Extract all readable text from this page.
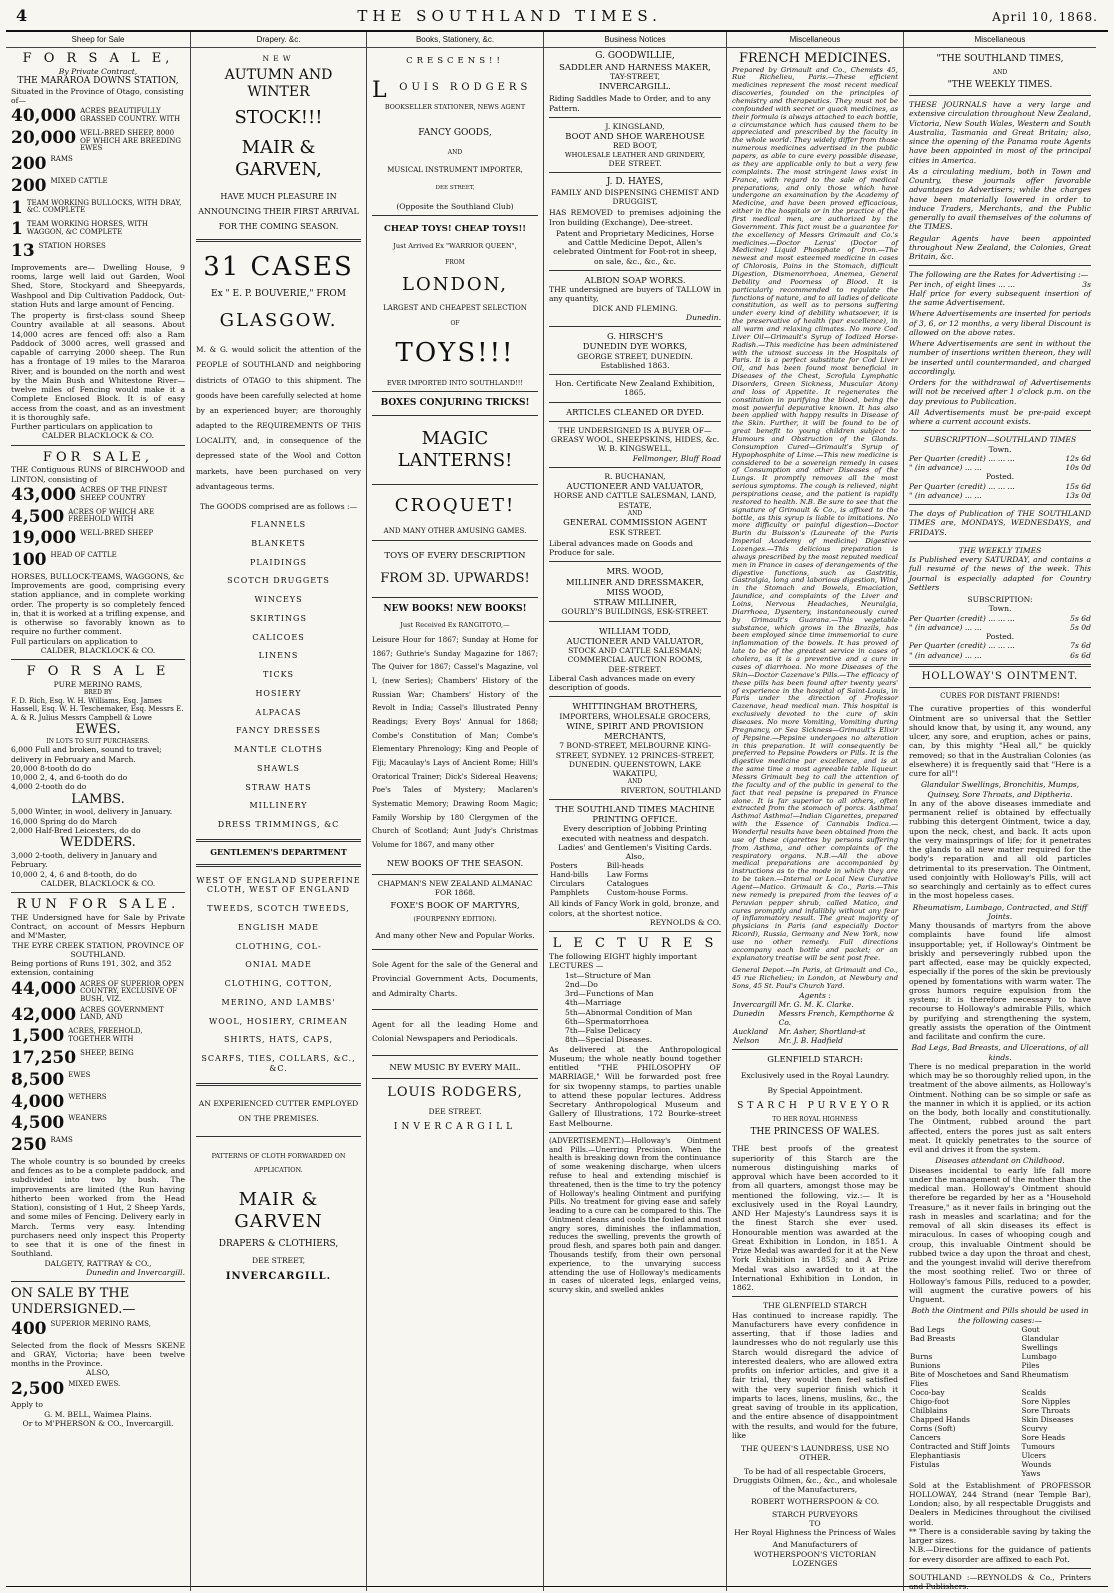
4	THE SOUTHLAND TIMES.	April 10, 1868.
Sheep for Sale
F O R S A L E,
By Private Contract,
THE MARAROA DOWNS STATION,
Situated in the Province of Otago, consisting of—
40,000 ACRES BEAUTIFULLY GRASSED COUNTRY. WITH
20,000 WELL-BRED SHEEP, 8000 OF WHICH ARE BREEDING EWES
200 RAMS
200 MIXED CATTLE
1 TEAM WORKING BULLOCKS, WITH DRAY, &C. COMPLETE
1 TEAM WORKING HORSES, WITH WAGGON, &C COMPLETE
13 STATION HORSES
Improvements are— Dwelling House, 9 rooms, large well laid out Garden, Wool Shed, Store, Stockyard and Sheepyards, Washpool and Dip Cultivation Paddock, Out-station Huts and large amount of Fencing.
The property is first-class sound Sheep Country available at all seasons. About 14,000 acres are fenced off: also a Ram Paddock of 3000 acres, well grassed and capable of carrying 2000 sheep. The Run has a frontage of 19 miles to the Mararoa River, and is bounded on the north and west by the Main Bush and Whitestone River—twelve miles of Fencing would make it a Complete Enclosed Block. It is of easy access from the coast, and as an investment it is thoroughly safe.
Further particulars on application to
CALDER BLACKLOCK & CO.
FOR SALE,
THE Contiguous RUNS of BIRCHWOOD and LINTON, consisting of
43,000 ACRES OF THE FINEST SHEEP COUNTRY
4,500 ACRES OF WHICH ARE FREEHOLD WITH
19,000 WELL-BRED SHEEP
100 HEAD OF CATTLE
HORSES, BULLOCK-TEAMS, WAGGONS, &c
Improvements are good, comprising every station appliance, and in complete working order. The property is so completely fenced in, that it is worked at a trifling expense, and is otherwise so favorably known as to require no further comment.
Full particulars on application to
CALDER, BLACKLOCK & CO.
F O R S A L E
PURE MERINO RAMS,
BRED BY
F. D. Rich, Esq. W. H. Williams, Esq. James Hassell, Esq. W. H. Teschemaker, Esq. Messrs E. A. & R. Julius Messrs Campbell & Lowe
EWES.
IN LOTS TO SUIT PURCHASERS.
6,000 Full and broken, sound to travel; delivery in February and March.
20,000 8-tooth do do
10,000 2, 4, and 6-tooth do do
4,000 2-tooth do do
LAMBS.
5,000 Winter, in wool, delivery in January.
16,000 Spring do do March
2,000 Half-Bred Leicesters, do do
WEDDERS.
3,000 2-tooth, delivery in January and February.
10,000 2, 4, 6 and 8-tooth, do do
CALDER, BLACKLOCK & CO.
RUN FOR SALE.
THE Undersigned have for Sale by Private Contract, on account of Messrs Hepburn and M'Master,
THE EYRE CREEK STATION, PROVINCE OF SOUTHLAND.
Being portions of Runs 191, 302, and 352 extension, containing
44,000 ACRES OF SUPERIOR OPEN COUNTRY, EXCLUSIVE OF BUSH, VIZ.
42,000 ACRES GOVERNMENT LAND, AND
1,500 ACRES, FREEHOLD, TOGETHER WITH
17,250 SHEEP, BEING
8,500 EWES
4,000 WETHERS
4,500 WEANERS
250 RAMS
The whole country is so bounded by creeks and fences as to be a complete paddock, and subdivided into two by bush. The improvements are limited (the Run having hitherto been worked from the Head Station), consisting of 1 Hut, 2 Sheep Yards, and some miles of Fencing. Delivery early in March. Terms very easy. Intending purchasers need only inspect this Property to see that it is one of the finest in Southland.
DALGETY, RATTRAY & CO.,
Dunedin and Invercargill.
ON SALE BY THE UNDERSIGNED.—
400 SUPERIOR MERINO RAMS,
Selected from the flock of Messrs SKENE and GRAY, Victoria; have been twelve months in the Province.
ALSO,
2,500 MIXED EWES.
Apply to
G. M. BELL, Waimea Plains.
Or to M'PHERSON & CO., Invercargill.
Drapery. &c.
NEW
AUTUMN AND WINTER
STOCK!!!
MAIR & GARVEN,
HAVE MUCH PLEASURE IN ANNOUNCING THEIR FIRST ARRIVAL FOR THE COMING SEASON.
31 CASES
Ex " E. P. BOUVERIE," FROM
GLASGOW.
M. & G. would solicit the attention of the PEOPLE of SOUTHLAND and neighboring districts of OTAGO to this shipment. The goods have been carefully selected at home by an experienced buyer; are thoroughly adapted to the REQUIREMENTS OF THIS LOCALITY, and, in consequence of the depressed state of the Wool and Cotton markets, have been purchased on very advantageous terms.
The GOODS comprised are as follows :—
FLANNELS
BLANKETS
PLAIDINGS
SCOTCH DRUGGETS
WINCEYS
SKIRTINGS
CALICOES
LINENS
TICKS
HOSIERY
ALPACAS
FANCY DRESSES
MANTLE CLOTHS
SHAWLS
STRAW HATS
MILLINERY
DRESS TRIMMINGS, &C
GENTLEMEN'S DEPARTMENT
WEST OF ENGLAND SUPERFINE CLOTH, WEST OF ENGLAND
TWEEDS, SCOTCH TWEEDS,
ENGLISH MADE
CLOTHING, COL-
ONIAL MADE
CLOTHING, COTTON,
MERINO, AND LAMBS'
WOOL, HOSIERY, CRIMEAN
SHIRTS, HATS, CAPS,
SCARFS, TIES, COLLARS, &C., &C.
AN EXPERIENCED CUTTER EMPLOYED ON THE PREMISES.
PATTERNS OF CLOTH FORWARDED ON APPLICATION.
MAIR & GARVEN
DRAPERS & CLOTHIERS,
DEE STREET,
INVERCARGILL.
Books, Stationery, &c.
CRESCENS!!
LOUIS RODGERS
BOOKSELLER STATIONER, NEWS AGENT
FANCY GOODS,
AND
MUSICAL INSTRUMENT IMPORTER,
DEE STREET,
(Opposite the Southland Club)
CHEAP TOYS! CHEAP TOYS!!
Just Arrived Ex "WARRIOR QUEEN",
FROM
LONDON,
LARGEST AND CHEAPEST SELECTION
OF
TOYS!!!
EVER IMPORTED INTO SOUTHLAND!!!
BOXES CONJURING TRICKS!
MAGIC LANTERNS!
CROQUET!
AND MANY OTHER AMUSING GAMES.
TOYS OF EVERY DESCRIPTION
FROM 3D. UPWARDS!
NEW BOOKS! NEW BOOKS!
Just Received Ex RANGITOTO,—
Leisure Hour for 1867; Sunday at Home for 1867; Guthrie's Sunday Magazine for 1867; The Quiver for 1867; Cassel's Magazine, vol I, (new Series); Chambers' History of the Russian War; Chambers' History of the Revolt in India; Cassel's Illustrated Penny Readings; Every Boys' Annual for 1868; Combe's Constitution of Man; Combe's Elementary Phrenology; King and People of Fiji; Macaulay's Lays of Ancient Rome; Hill's Oratorical Trainer; Dick's Sidereal Heavens; Poe's Tales of Mystery; Maclaren's Systematic Memory; Drawing Room Magic; Family Worship by 180 Clergymen of the Church of Scotland; Aunt Judy's Christmas Volume for 1867, and many other
NEW BOOKS OF THE SEASON.
CHAPMAN'S NEW ZEALAND ALMANAC FOR 1868.
FOXE'S BOOK OF MARTYRS,
(FOURPENNY EDITION).
And many other New and Popular Works.
Sole Agent for the sale of the General and Provincial Government Acts, Documents, and Admiralty Charts.
Agent for all the leading Home and Colonial Newspapers and Periodicals.
NEW MUSIC BY EVERY MAIL.
LOUIS RODGERS,
DEE STREET.
INVERCARGILL
Business Notices
G. GOODWILLIE,
SADDLER AND HARNESS MAKER,
TAY-STREET,
INVERCARGILL.
Riding Saddles Made to Order, and to any Pattern.
J. KINGSLAND,
BOOT AND SHOE WAREHOUSE
RED BOOT,
WHOLESALE LEATHER AND GRINDERY,
DEE STREET.
J. D. HAYES,
FAMILY AND DISPENSING CHEMIST AND DRUGGIST,
HAS REMOVED to premises adjoining the Iron building (Exchange), Dee-street.
Patent and Proprietary Medicines, Horse and Cattle Medicine Depot, Allen's celebrated Ointment for Foot-rot in sheep, on sale, &c., &c., &c.
ALBION SOAP WORKS.
THE undersigned are buyers of TALLOW in any quantity,
DICK AND FLEMING.
Dunedin.
G. HIRSCH'S
DUNEDIN DYE WORKS,
GEORGE STREET, DUNEDIN.
Established 1863.
Hon. Certificate New Zealand Exhibition, 1865.
ARTICLES CLEANED OR DYED.
THE UNDERSIGNED IS A BUYER OF— GREASY WOOL, SHEEPSKINS, HIDES, &c.
W. B. KINGSWELL,
Fellmonger, Bluff Road
R. BUCHANAN,
AUCTIONEER AND VALUATOR,
HORSE AND CATTLE SALESMAN, LAND, ESTATE,
AND
GENERAL COMMISSION AGENT
ESK STREET.
Liberal advances made on Goods and Produce for sale.
MRS. WOOD,
MILLINER AND DRESSMAKER,
MISS WOOD,
STRAW MILLINER,
GOURLY'S BUILDINGS, ESK-STREET.
WILLIAM TODD,
AUCTIONEER AND VALUATOR,
STOCK AND CATTLE SALESMAN; COMMERCIAL AUCTION ROOMS,
DEE-STREET.
Liberal Cash advances made on every description of goods.
WHITTINGHAM BROTHERS,
IMPORTERS, WHOLESALE GROCERS,
WINE, SPIRIT AND PROVISION MERCHANTS,
7 BOND-STREET, MELBOURNE KING-STREET, SYDNEY. 12 PRINCES-STREET, DUNEDIN. QUEENSTOWN, LAKE WAKATIPU,
AND
RIVERTON, SOUTHLAND
THE SOUTHLAND TIMES MACHINE PRINTING OFFICE.
Every description of Jobbing Printing executed with neatness and despatch.
Ladies' and Gentlemen's Visiting Cards.
Also,
Posters	Bill-heads
Hand-bills	Law Forms
Circulars	Catalogues
Pamphlets	Custom-house Forms.
All kinds of Fancy Work in gold, bronze, and colors, at the shortest notice.
REYNOLDS & CO.
L E C T U R E S
The following EIGHT highly important LECTURES —
1st—Structure of Man
2nd—Do
3rd—Functions of Man
4th—Marriage
5th—Abnormal Condition of Man
6th—Spermatorrhoea
7th—False Delicacy
8th—Special Diseases.
As delivered at the Anthropological Museum; the whole neatly bound together entitled "THE PHILOSOPHY OF MARRIAGE," Will be forwarded post free for six twopenny stamps, to parties unable to attend these popular lectures. Address Secretary Anthropological Museum and Gallery of Illustrations, 172 Bourke-street East Melbourne.
(ADVERTISEMENT.)—Holloway's Ointment and Pills.—Unerring Precision. When the health is breaking down from the continuance of some weakening discharge, when ulcers refuse to heal and extending mischief is threatened, then is the time to try the potency of Holloway's healing Ointment and purifying Pills. No treatment for giving ease and safely leading to a cure can be compared to this. The Ointment cleans and cools the fouled and most angry sores, diminishes the inflammation, reduces the swelling, prevents the growth of proud flesh, and spares both pain and danger. Thousands testify, from their own personal experience, to the unvarying success attending the use of Holloway's medicaments in cases of ulcerated legs, enlarged veins, scurvy skin, and swelled ankles
Miscellaneous
FRENCH MEDICINES.
Prepared by Grimault and Co., Chemists 45, Rue Richelieu, Paris.—These efficient medicines represent the most recent medical discoveries, founded on the principles of chemistry and therapeutics. They must not be confounded with secret or quack medicines, as their formula is always attached to each bottle, a circumstance which has caused them to be appreciated and prescribed by the faculty in the whole world. They widely differ from those numerous medicines advertised in the public papers, as able to cure every possible disease, as they are applicable only to but a very few complaints. The most stringent laws exist in France, with regard to the sale of medical preparations, and only those which have undergone an examination by the Academy of Medicine, and have been proved efficacious, either in the hospitals or in the practice of the first medical men, are authorized by the Government. This fact must be a guarantee for the excellency of Messrs Grimault and Co.'s medicines.—Doctor Leras' (Doctor of Medicine) Liquid Phosphate of Iron.—The newest and most esteemed medicine in cases of Chlorosis, Pains in the Stomach, difficult Digestion, Dismenorrhoea, Anemea, General Debility and Poorness of Blood. It is particularly recommended to regulate the functions of nature, and to all ladies of delicate constitution, as well as to persons suffering under every kind of debility whatsoever, it is the preservative of health (par excellence), in all warm and relaxing climates. No more Cod Liver Oil—Grimault's Syrup of Iodized Horse-Radish.—This medicine has been administered with the utmost success in the Hospitals of Paris. It is a perfect substitute for Cod Liver Oil, and has been found most beneficial in Diseases of the Chest, Scrofula Lymphatic Disorders, Green Sickness, Muscular Atony and loss of Appetite. It regenerates the constitution in purifying the blood, being the most powerful depurative known. It has also been applied with happy results in Disease of the Skin. Further, it will be found to be of great benefit to young children subject to Humours and Obstruction of the Glands. Consumption Cured—Grimault's Syrup of Hypophosphite of Lime.—This new medicine is considered to be a sovereign remedy in cases of Consumption and other Diseases of the Lungs. It promptly removes all the most serious symptoms. The cough is relieved, night perspirations cease, and the patient is rapidly restored to health. N.B. Be sure to see that the signature of Grimault & Co., is affixed to the bottle, as this syrup is liable to imitations. No more difficulty or painful digestion—Doctor Burin du Buisson's (Laureate of the Paris Imperial Academy of medicine) Digestive Lozenges.—This delicious preparation is always prescribed by the most reputed medical men in France in cases of derangements of the digestive functions, such as Gastritis, Gastralgia, long and laborious digestion, Wind in the Stomach and Bowels, Emaciation, Jaundice, and complaints of the Liver and Loins, Nervous Headaches, Neuralgia, Diarrhoea, Dysentery, instantaneously cured by Grimault's Guarana.—This vegetable substance, which grows in the Brazils, has been employed since time immemorial to cure inflammation of the bowels. It has proved of late to be of the greatest service in cases of cholera, as it is a preventive and a cure in cases of diarrhoea. No more Diseases of the Skin—Doctor Cazenave's Pills.—The efficacy of these pills has been found after twenty years' of experience in the hospital of Saint-Louis, in Paris under the direction of Professor Cazenave, head medical man. This hospital is exclusively devoted to the cure of skin diseases. No more Vomiting, Vomiting during Pregnancy, or Sea Sickness—Grimault's Elixir of Pepsine.—Pepsine undergoes no alteration in this preparation. It will consequently be preferred to Pepsine Powders or Pills. It is the digestive medicine par excellence, and is at the same time a most agreeable table liqueur. Messrs Grimault beg to call the attention of the faculty and of the public in general to the fact that real pepsine is prepared in France alone. It is far superior to all others, often extracted from the stomach of porcs. Asthma! Asthma! Asthma!—Indian Cigarettes, prepared with the Essence of Cannabis Indica.—Wonderful results have been obtained from the use of these cigarettes by persons suffering from Asthma, and other complaints of the respiratory organs. N.B.—All the above medical preparations are accompanied by instructions as to the mode in which they are to be taken.—Internal or Local New Curative Agent—Matico. Grimault & Co., Paris.—This new remedy is prepared from the leaves of a Peruvian pepper shrub, called Matico, and cures promptly and infallibly without any fear of inflammatory result. The great majority of physicians in Paris (and especially Doctor Ricord), Russia, Germany and New York, now use no other remedy. Full directions accompany each bottle and packet; or an explanatory treatise will be sent post free.
General Depot.—In Paris, at Grimault and Co., 45 rue Richelieu; in London, at Newbury and Sons, 45 St. Paul's Church Yard.
Agents :
Invercargill	Mr. G. M. K. Clarke.
Dunedin	Messrs French, Kempthorne & Co.
Auckland	Mr. Asher, Shortland-st
Nelson	Mr. J. B. Hadfield
GLENFIELD STARCH:
Exclusively used in the Royal Laundry.
By Special Appointment.
STARCH PURVEYOR
TO HER ROYAL HIGHNESS
THE PRINCESS OF WALES.
THE best proofs of the greatest superiority of this Starch are the numerous distinguishing marks of approval which have been accorded to it from all quarters, amongst those may be mentioned the following, viz.:— It is exclusively used in the Royal Laundry, AND Her Majesty's Laundress says it is the finest Starch she ever used. Honourable mention was awarded at the Great Exhibition in London, in 1851. A Prize Medal was awarded for it at the New York Exhibition in 1853; and A Prize Medal was also awarded to it at the International Exhibition in London, in 1862.
THE GLENFIELD STARCH
Has continued to increase rapidly. The Manufacturers have every confidence in asserting, that if those ladies and laundresses who do not regularly use this Starch would disregard the advice of interested dealers, who are allowed extra profits on inferior articles, and give it a fair trial, they would then feel satisfied with the very superior finish which it imparts to laces, linens, muslins, &c., the great saving of trouble in its application, and the entire absence of disappointment with the results, and would for the future, like
THE QUEEN'S LAUNDRESS, USE NO OTHER.
To be had of all respectable Grocers, Druggists Oilmen, &c., &c., and wholesale of the Manufacturers,
ROBERT WOTHERSPOON & CO.
STARCH PURVEYORS
TO
Her Royal Highness the Princess of Wales
And Manufacturers of
WOTHERSPOON'S VICTORIAN LOZENGES
Miscellaneous
"THE SOUTHLAND TIMES,
AND
"THE WEEKLY TIMES.
THESE JOURNALS have a very large and extensive circulation throughout New Zealand, Victoria, New South Wales, Western and South Australia, Tasmania and Great Britain; also, since the opening of the Panama route Agents have been appointed in most of the principal cities in America.
As a circulating medium, both in Town and Country, these journals offer favorable advantages to Advertisers; while the charges have been materially lowered in order to induce Traders, Merchants, and the Public generally to avail themselves of the columns of the TIMES.
Regular Agents have been appointed throughout New Zealand, the Colonies, Great Britain, &c.
The following are the Rates for Advertising :—
Per inch, of eight lines ... ...	3s
Half price for every subsequent insertion of the same Advertisement.
Where Advertisements are inserted for periods of 3, 6, or 12 months, a very liberal Discount is allowed on the above rates.
Where Advertisements are sent in without the number of insertions written thereon, they will be inserted until countermanded, and charged accordingly.
Orders for the withdrawal of Advertisements will not be received after 1 o'clock p.m. on the day previous to Publication.
All Advertisements must be pre-paid except where a current account exists.
SUBSCRIPTION—SOUTHLAND TIMES
Town.
Per Quarter (credit) ... ... ...	12s 6d
" (in advance) ... ...	10s 0d
Posted.
Per Quarter (credit) ... ... ...	15s 6d
" (in advance) ... ...	13s 0d
The days of Publication of THE SOUTHLAND TIMES are, MONDAYS, WEDNESDAYS, and FRIDAYS.
THE WEEKLY TIMES
Is Published every SATURDAY, and contains a full resumé of the news of the week. This Journal is especially adapted for Country Settlers
SUBSCRIPTION:
Town.
Per Quarter (credit) ... ... ...	5s 6d
" (in advance) ... ...	5s 0d
Posted.
Per Quarter (credit) ... ... ...	7s 6d
" (in advance) ... ...	6s 6d
HOLLOWAY'S OINTMENT.
CURES FOR DISTANT FRIENDS!
The curative properties of this wonderful Ointment are so universal that the Settler should know that, by using it, any wound, any ulcer, any sore, and eruption, aches or pains, can, by this mighty "Heal all," be quickly removed; so that in the Australian Colonies (as elsewhere) it is frequently said that "Here is a cure for all"!
Glandular Swellings, Bronchitis, Mumps, Quinsey, Sore Throats, and Diptheria.
In any of the above diseases immediate and permanent relief is obtained by effectually rubbing this detergent Ointment, twice a day, upon the neck, chest, and back. It acts upon the very mainsprings of life; for it penetrates the glands to all new matter required for the body's reparation and all old particles detrimental to its preservation. The Ointment, used conjointly with Holloway's Pills, will act so searchingly and certainly as to effect cures in the most hopeless cases.
Rheumatism, Lumbago, Contracted, and Stiff Joints.
Many thousands of martyrs from the above complaints have found life almost insupportable; yet, if Holloway's Ointment be briskly and perseveringly rubbed upon the part affected, ease may be quickly expected, especially if the pores of the skin be previously opened by fomentations with warm water. The gross humors require expulsion from the system; it is therefore necessary to have recourse to Holloway's admirable Pills, which by purifying and strengthening the system, greatly assists the operation of the Ointment and facilitate and confirm the cure.
Bad Legs, Bad Breasts, and Ulcerations, of all kinds.
There is no medical preparation in the world which may be so thoroughly relied upon, in the treatment of the above ailments, as Holloway's Ointment. Nothing can be so simple or safe as the manner in which it is applied, or its action on the body, both locally and constitutionally. The Ointment, rubbed around the part affected, enters the pores just as salt enters meat. It quickly penetrates to the source of evil and drives it from the system.
Diseases attendant on Childhood.
Diseases incidental to early life fall more under the management of the mother than the medical man. Holloway's Ointment should therefore be regarded by her as a "Household Treasure," as it never fails in bringing out the rash in measles and scarlatina; and for the removal of all skin diseases its effect is miraculous. In cases of whooping cough and croup, this invaluable Ointment should be rubbed twice a day upon the throat and chest, and the youngest invalid will derive therefrom the most soothing relief. Two or three of Holloway's famous Pills, reduced to a powder, will augment the curative powers of his Unguent.
Both the Ointment and Pills should be used in the following cases:—
Bad Legs	Gout
Bad Breasts	Glandular Swellings
Burns	Lumbago
Bunions	Piles
Bite of Moschetoes and Sand Flies	Rheumatism
Coco-bay	Scalds
Chigo-foot	Sore Nipples
Chilblains	Sore Throats
Chapped Hands	Skin Diseases
Corns (Soft)	Scurvy
Cancers	Sore Heads
Contracted and Stiff Joints	Tumours
Elephantiasis	Ulcers
Fistulas	Wounds
	Yaws
Sold at the Establishment of PROFESSOR HOLLOWAY, 244 Strand (near Temple Bar), London; also, by all respectable Druggists and Dealers in Medicines throughout the civilised world.
** There is a considerable saving by taking the larger sizes.
N.B.—Directions for the guidance of patients for every disorder are affixed to each Pot.
SOUTHLAND :—REYNOLDS & Co., Printers and Publishers.
